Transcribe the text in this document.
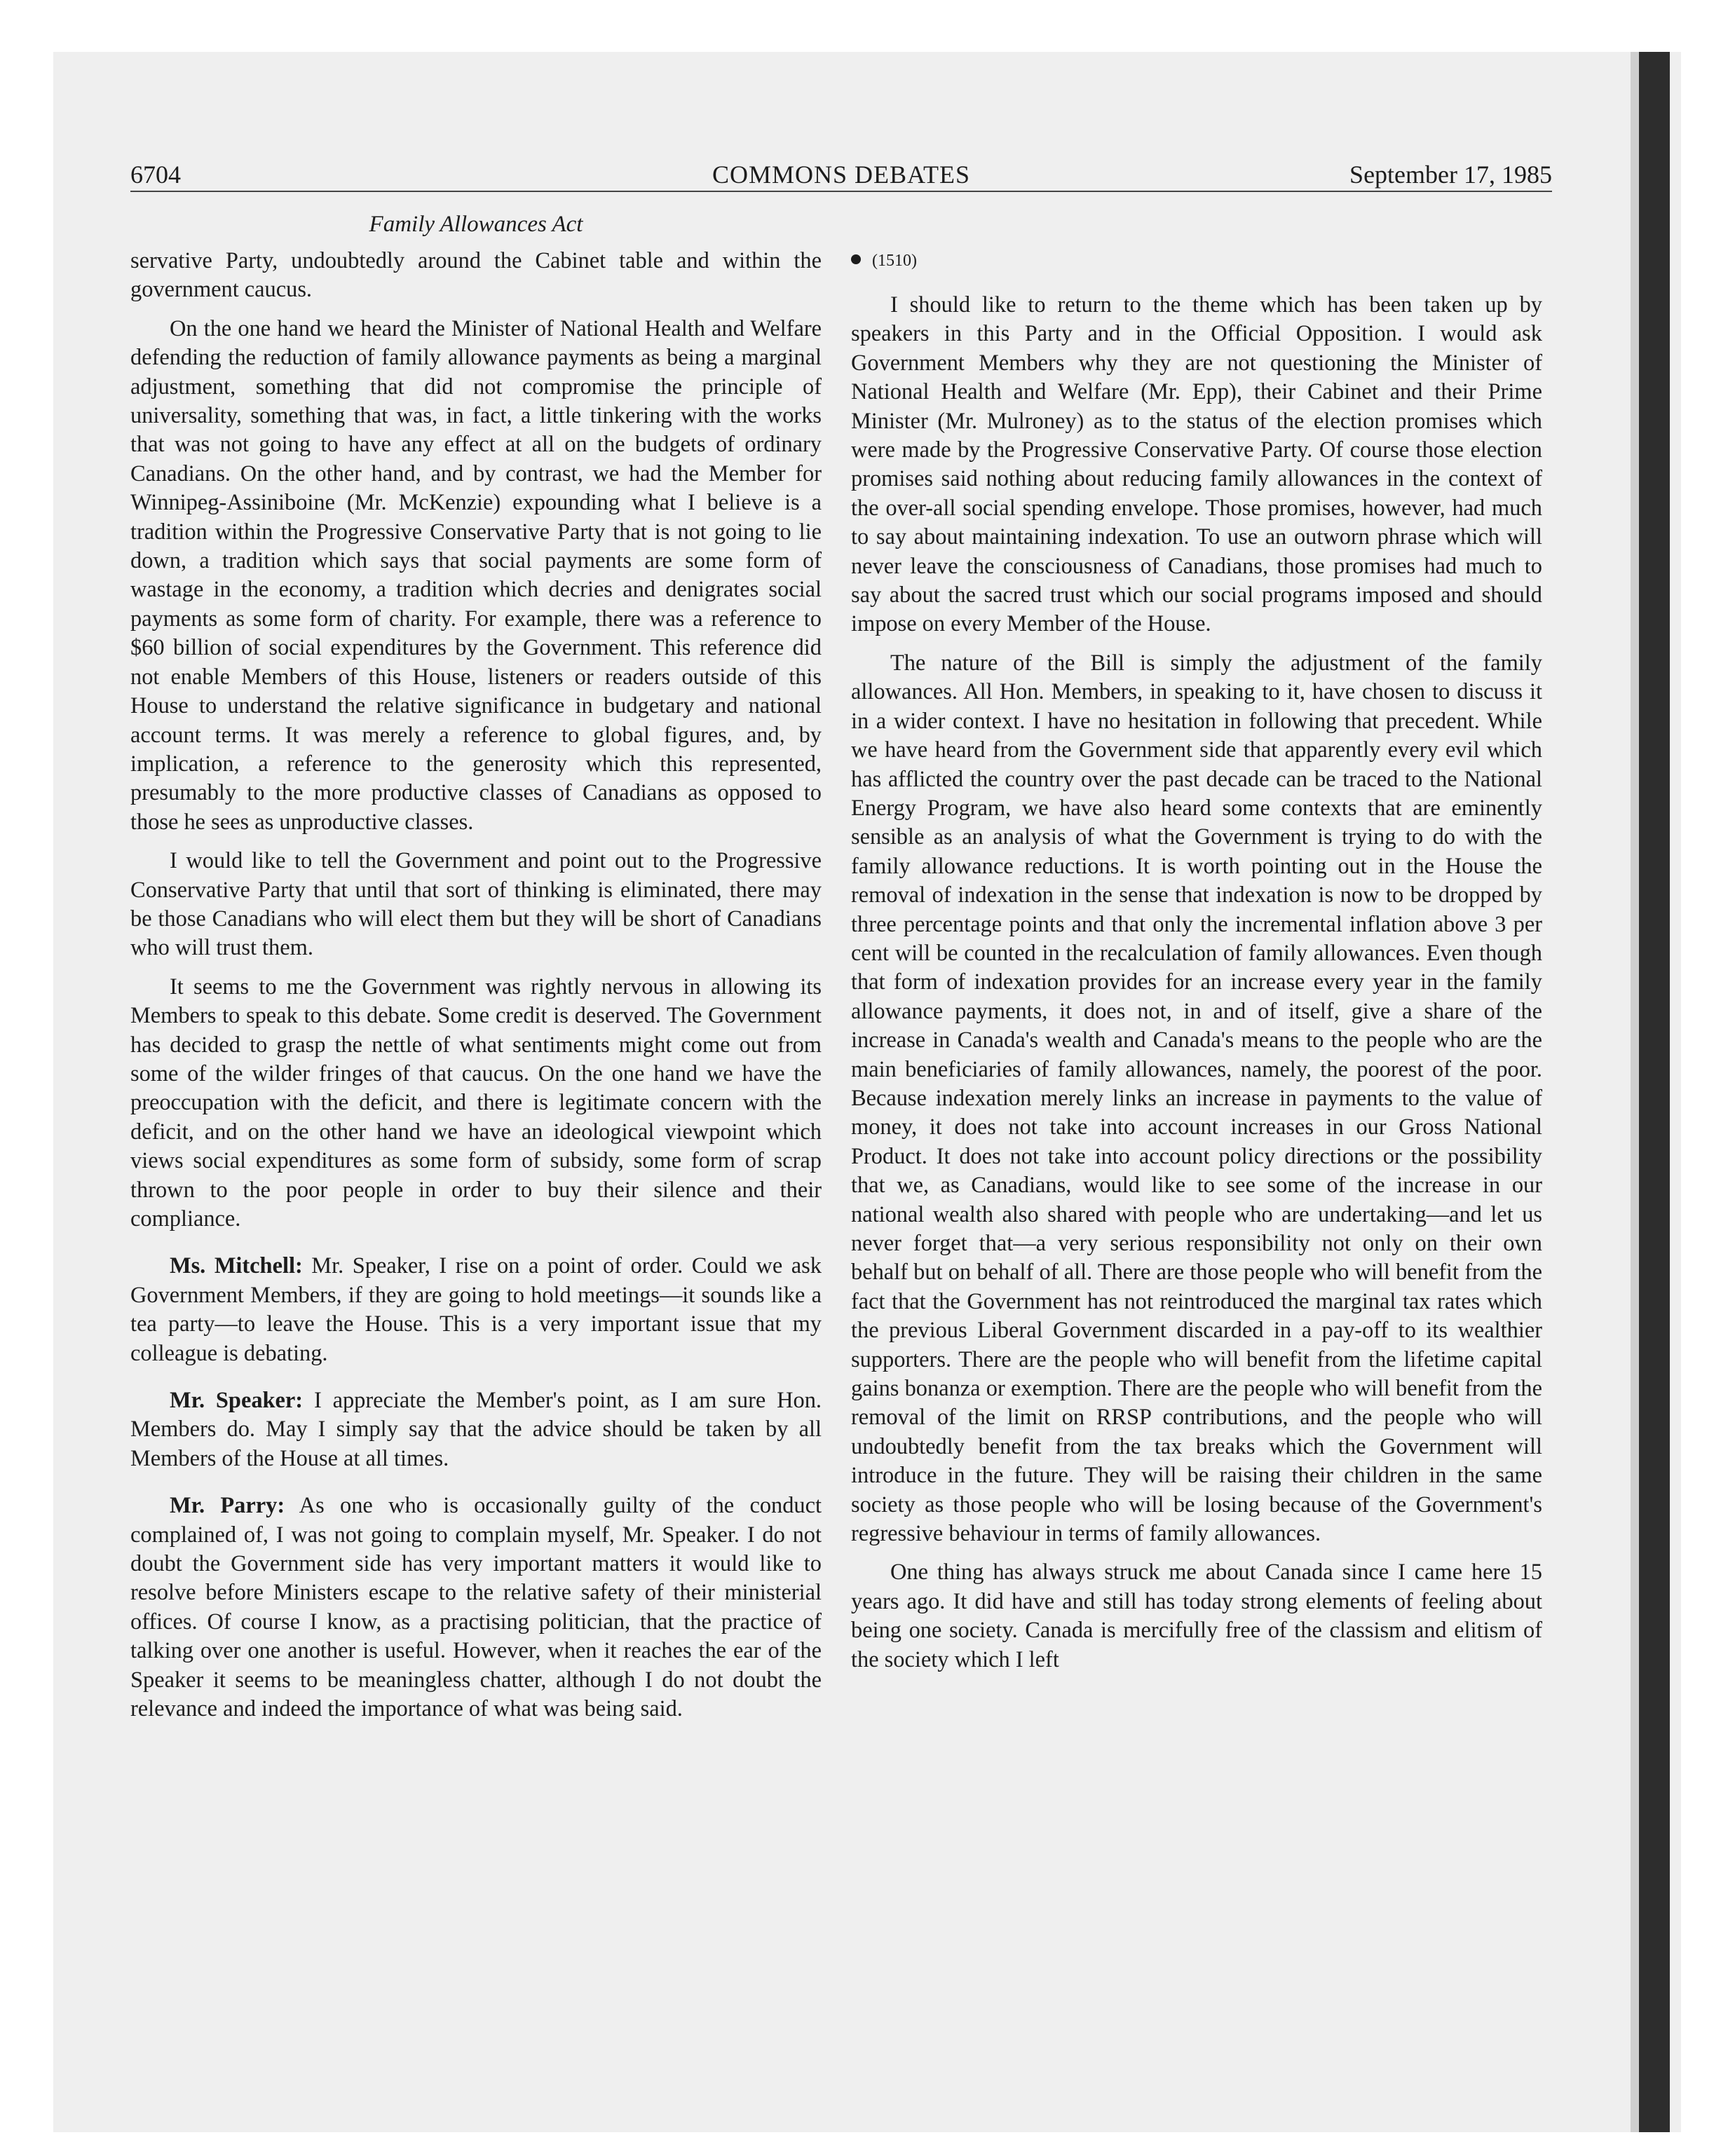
6704	COMMONS DEBATES	September 17, 1985
Family Allowances Act

servative Party, undoubtedly around the Cabinet table and within the government caucus.

On the one hand we heard the Minister of National Health and Welfare defending the reduction of family allowance payments as being a marginal adjustment, something that did not compromise the principle of universality, something that was, in fact, a little tinkering with the works that was not going to have any effect at all on the budgets of ordinary Canadians. On the other hand, and by contrast, we had the Member for Winnipeg-Assiniboine (Mr. McKenzie) expounding what I believe is a tradition within the Progressive Conservative Party that is not going to lie down, a tradition which says that social payments are some form of wastage in the economy, a tradition which decries and denigrates social payments as some form of charity. For example, there was a reference to $60 billion of social expenditures by the Government. This reference did not enable Members of this House, listeners or readers outside of this House to understand the relative significance in budgetary and national account terms. It was merely a reference to global figures, and, by implication, a reference to the generosity which this represented, presumably to the more productive classes of Canadians as opposed to those he sees as unproductive classes.

I would like to tell the Government and point out to the Progressive Conservative Party that until that sort of thinking is eliminated, there may be those Canadians who will elect them but they will be short of Canadians who will trust them.

It seems to me the Government was rightly nervous in allowing its Members to speak to this debate. Some credit is deserved. The Government has decided to grasp the nettle of what sentiments might come out from some of the wilder fringes of that caucus. On the one hand we have the preoccupation with the deficit, and there is legitimate concern with the deficit, and on the other hand we have an ideological viewpoint which views social expenditures as some form of subsidy, some form of scrap thrown to the poor people in order to buy their silence and their compliance.

Ms. Mitchell: Mr. Speaker, I rise on a point of order. Could we ask Government Members, if they are going to hold meetings—it sounds like a tea party—to leave the House. This is a very important issue that my colleague is debating.

Mr. Speaker: I appreciate the Member's point, as I am sure Hon. Members do. May I simply say that the advice should be taken by all Members of the House at all times.

Mr. Parry: As one who is occasionally guilty of the conduct complained of, I was not going to complain myself, Mr. Speaker. I do not doubt the Government side has very important matters it would like to resolve before Ministers escape to the relative safety of their ministerial offices. Of course I know, as a practising politician, that the practice of talking over one another is useful. However, when it reaches the ear of the Speaker it seems to be meaningless chatter, although I do not doubt the relevance and indeed the importance of what was being said.

(1510)

I should like to return to the theme which has been taken up by speakers in this Party and in the Official Opposition. I would ask Government Members why they are not questioning the Minister of National Health and Welfare (Mr. Epp), their Cabinet and their Prime Minister (Mr. Mulroney) as to the status of the election promises which were made by the Progressive Conservative Party. Of course those election promises said nothing about reducing family allowances in the context of the over-all social spending envelope. Those promises, however, had much to say about maintaining indexation. To use an outworn phrase which will never leave the consciousness of Canadians, those promises had much to say about the sacred trust which our social programs imposed and should impose on every Member of the House.

The nature of the Bill is simply the adjustment of the family allowances. All Hon. Members, in speaking to it, have chosen to discuss it in a wider context. I have no hesitation in following that precedent. While we have heard from the Government side that apparently every evil which has afflicted the country over the past decade can be traced to the National Energy Program, we have also heard some contexts that are eminently sensible as an analysis of what the Government is trying to do with the family allowance reductions. It is worth pointing out in the House the removal of indexation in the sense that indexation is now to be dropped by three percentage points and that only the incremental inflation above 3 per cent will be counted in the recalculation of family allowances. Even though that form of indexation provides for an increase every year in the family allowance payments, it does not, in and of itself, give a share of the increase in Canada's wealth and Canada's means to the people who are the main beneficiaries of family allowances, namely, the poorest of the poor. Because indexation merely links an increase in payments to the value of money, it does not take into account increases in our Gross National Product. It does not take into account policy directions or the possibility that we, as Canadians, would like to see some of the increase in our national wealth also shared with people who are undertaking—and let us never forget that—a very serious responsibility not only on their own behalf but on behalf of all. There are those people who will benefit from the fact that the Government has not reintroduced the marginal tax rates which the previous Liberal Government discarded in a pay-off to its wealthier supporters. There are the people who will benefit from the lifetime capital gains bonanza or exemption. There are the people who will benefit from the removal of the limit on RRSP contributions, and the people who will undoubtedly benefit from the tax breaks which the Government will introduce in the future. They will be raising their children in the same society as those people who will be losing because of the Government's regressive behaviour in terms of family allowances.

One thing has always struck me about Canada since I came here 15 years ago. It did have and still has today strong elements of feeling about being one society. Canada is mercifully free of the classism and elitism of the society which I left
